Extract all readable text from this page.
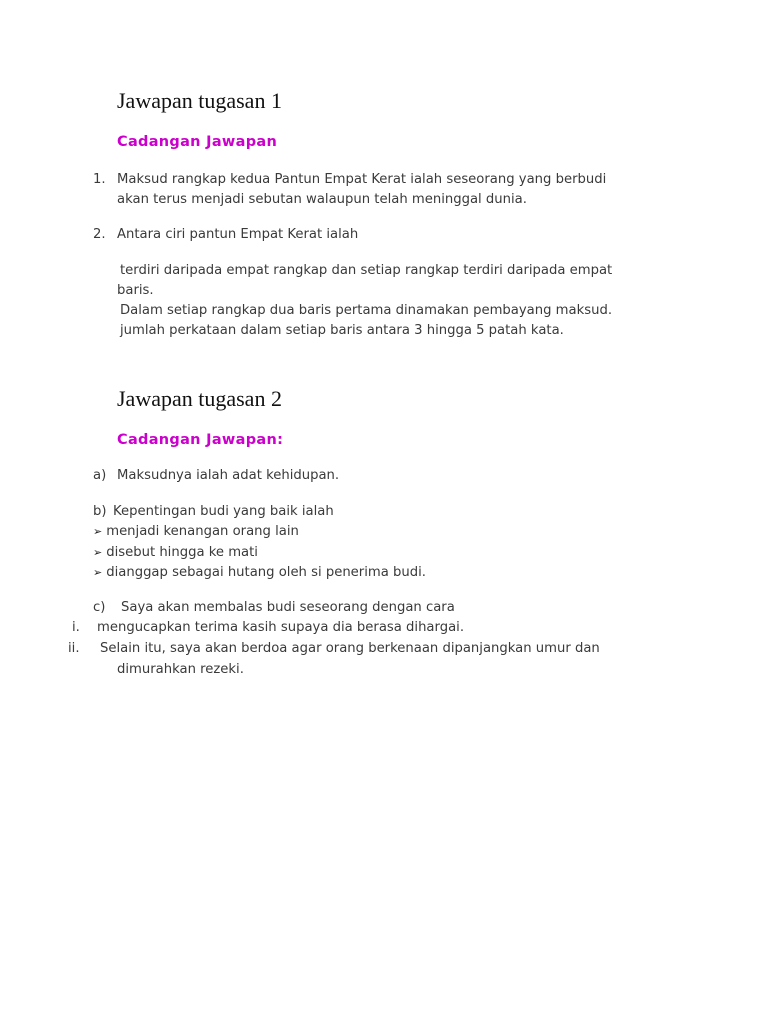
Jawapan tugasan 1
Cadangan Jawapan
1. Maksud rangkap kedua Pantun Empat Kerat ialah seseorang yang berbudi
akan terus menjadi sebutan walaupun telah meninggal dunia.
2. Antara ciri pantun Empat Kerat ialah
terdiri daripada empat rangkap dan setiap rangkap terdiri daripada empat
baris.
Dalam setiap rangkap dua baris pertama dinamakan pembayang maksud.
jumlah perkataan dalam setiap baris antara 3 hingga 5 patah kata.
Jawapan tugasan 2
Cadangan Jawapan:
a) Maksudnya ialah adat kehidupan.
b) Kepentingan budi yang baik ialah
➢ menjadi kenangan orang lain
➢ disebut hingga ke mati
➢ dianggap sebagai hutang oleh si penerima budi.
c) Saya akan membalas budi seseorang dengan cara
i. mengucapkan terima kasih supaya dia berasa dihargai.
ii. Selain itu, saya akan berdoa agar orang berkenaan dipanjangkan umur dan
dimurahkan rezeki.
